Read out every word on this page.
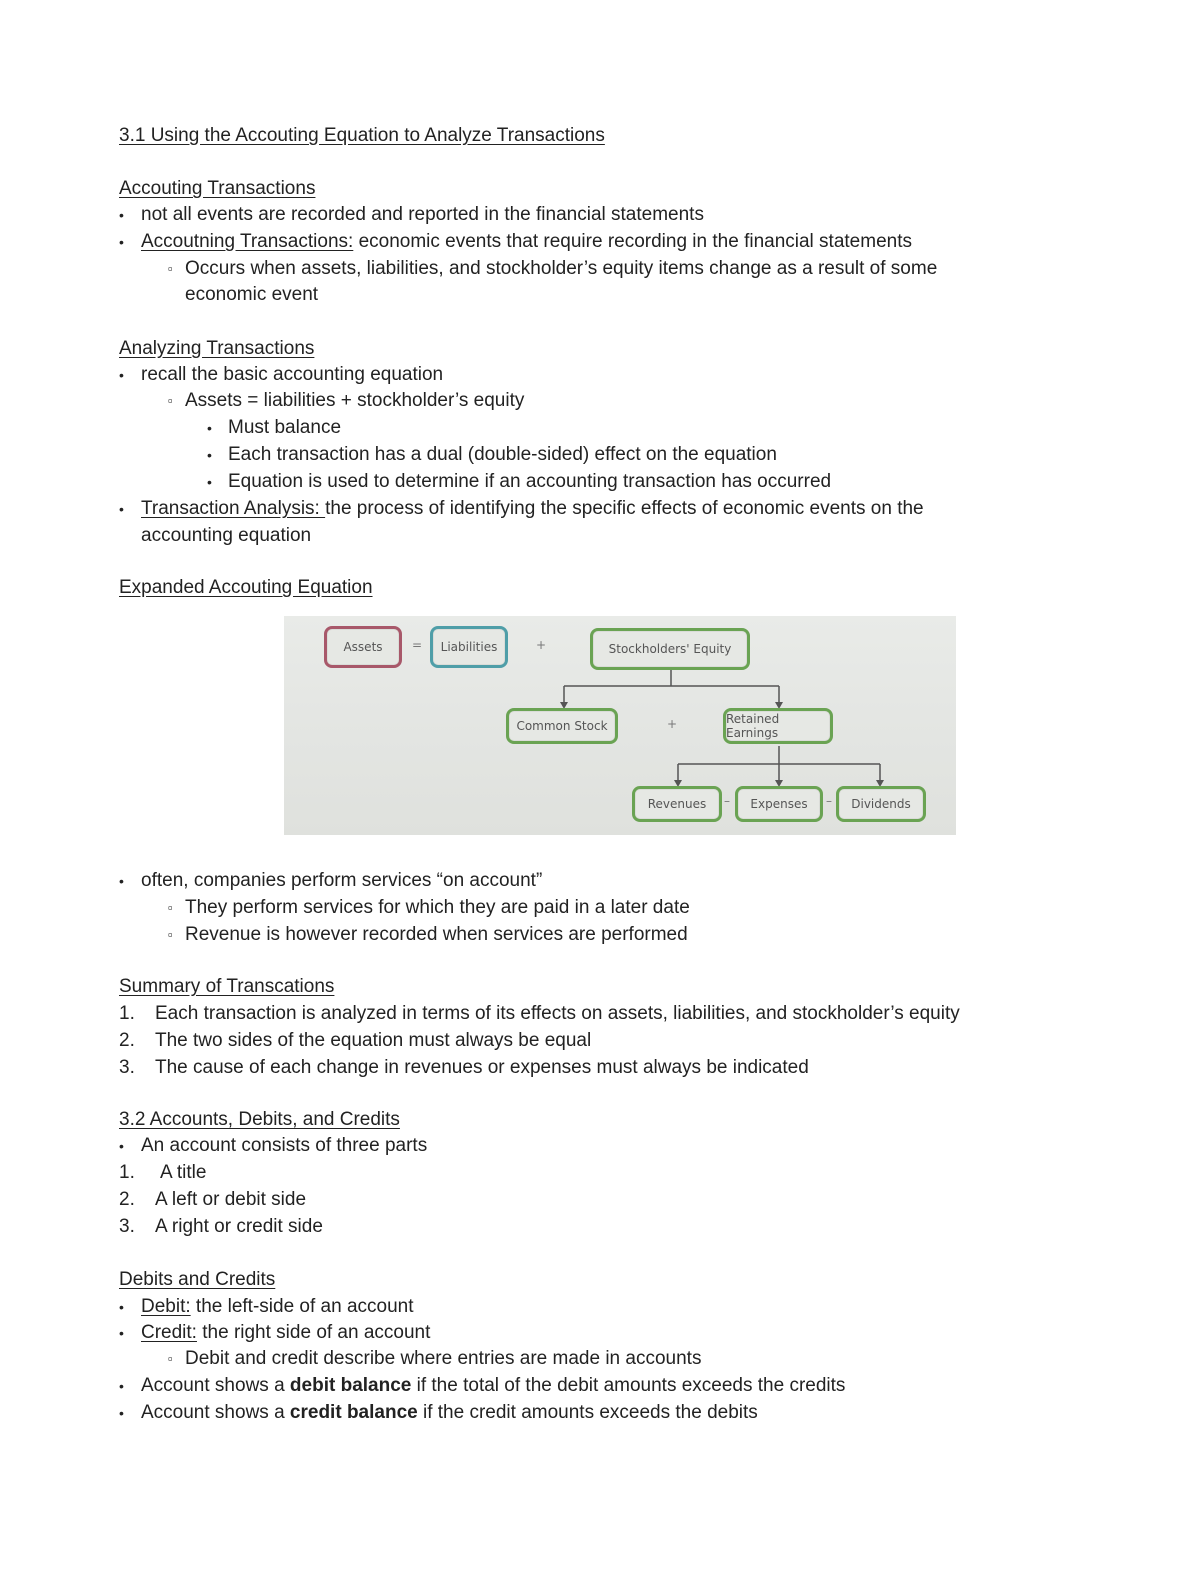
3.1 Using the Accouting Equation to Analyze Transactions
Accouting Transactions
• not all events are recorded and reported in the financial statements
• Accoutning Transactions: economic events that require recording in the financial statements
▫ Occurs when assets, liabilities, and stockholder’s equity items change as a result of some
economic event
Analyzing Transactions
• recall the basic accounting equation
▫ Assets = liabilities + stockholder’s equity
• Must balance
• Each transaction has a dual (double-sided) effect on the equation
• Equation is used to determine if an accounting transaction has occurred
• Transaction Analysis: the process of identifying the specific effects of economic events on the
accounting equation
Expanded Accouting Equation
Assets	=	Liabilities	+	Stockholders' Equity
Common Stock	+	Retained Earnings
Revenues	–	Expenses	–	Dividends
• often, companies perform services “on account”
▫ They perform services for which they are paid in a later date
▫ Revenue is however recorded when services are performed
Summary of Transcations
1. Each transaction is analyzed in terms of its effects on assets, liabilities, and stockholder’s equity
2. The two sides of the equation must always be equal
3. The cause of each change in revenues or expenses must always be indicated
3.2 Accounts, Debits, and Credits
• An account consists of three parts
1. A title
2. A left or debit side
3. A right or credit side
Debits and Credits
• Debit: the left-side of an account
• Credit: the right side of an account
▫ Debit and credit describe where entries are made in accounts
• Account shows a debit balance if the total of the debit amounts exceeds the credits
• Account shows a credit balance if the credit amounts exceeds the debits
